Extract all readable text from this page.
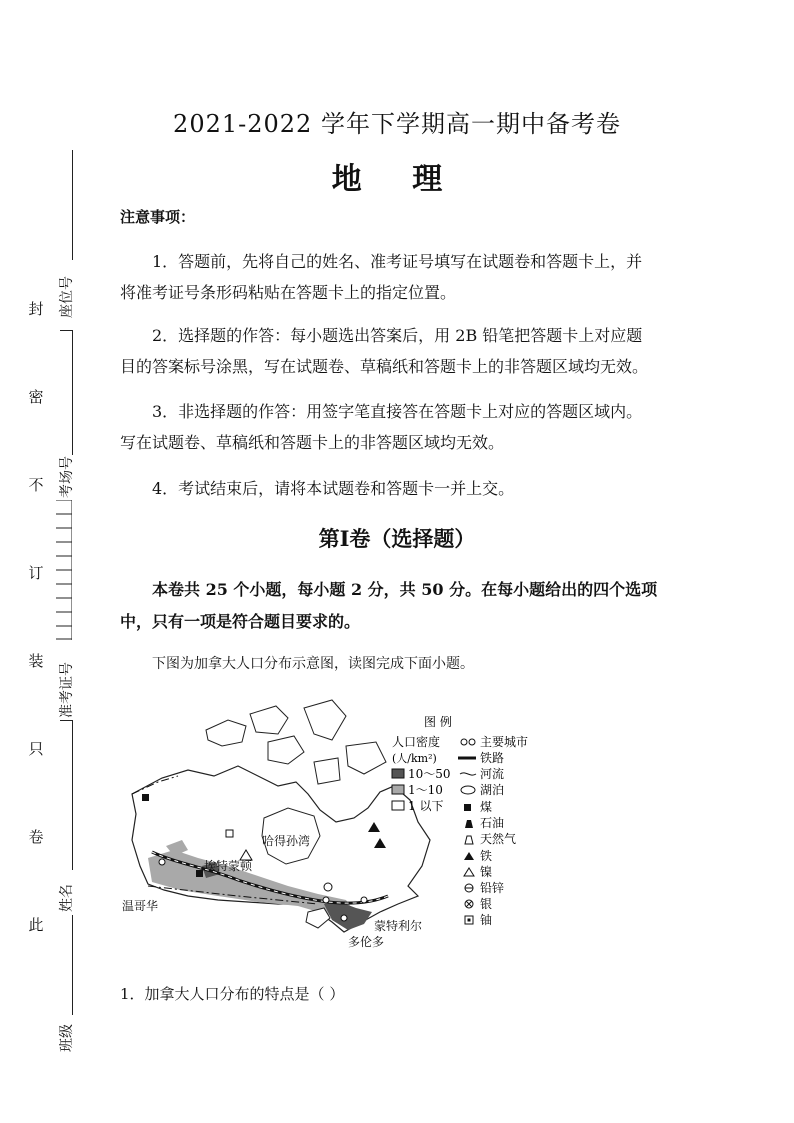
封
密
不
订
装
只
卷
此
座位号
考场号
准考证号
姓名
班级
2021-2022 学年下学期高一期中备考卷
地 理
注意事项：
1．答题前，先将自己的姓名、准考证号填写在试题卷和答题卡上，并
将准考证号条形码粘贴在答题卡上的指定位置。
2．选择题的作答：每小题选出答案后，用 2B 铅笔把答题卡上对应题
目的答案标号涂黑，写在试题卷、草稿纸和答题卡上的非答题区域均无效。
3．非选择题的作答：用签字笔直接答在答题卡上对应的答题区域内。
写在试题卷、草稿纸和答题卡上的非答题区域均无效。
4．考试结束后，请将本试题卷和答题卡一并上交。
第Ⅰ卷（选择题）
本卷共 25 个小题，每小题 2 分，共 50 分。在每小题给出的四个选项
中，只有一项是符合题目要求的。
下图为加拿大人口分布示意图，读图完成下面小题。
哈得孙湾
埃特蒙顿
温哥华
蒙特利尔
多伦多
图 例
人口密度
(人/km²)
10～50
1～10
1 以下
主要城市
铁路
河流
湖泊
煤
石油
天然气
铁
镍
铅锌
银
铀
1．加拿大人口分布的特点是（ ）
